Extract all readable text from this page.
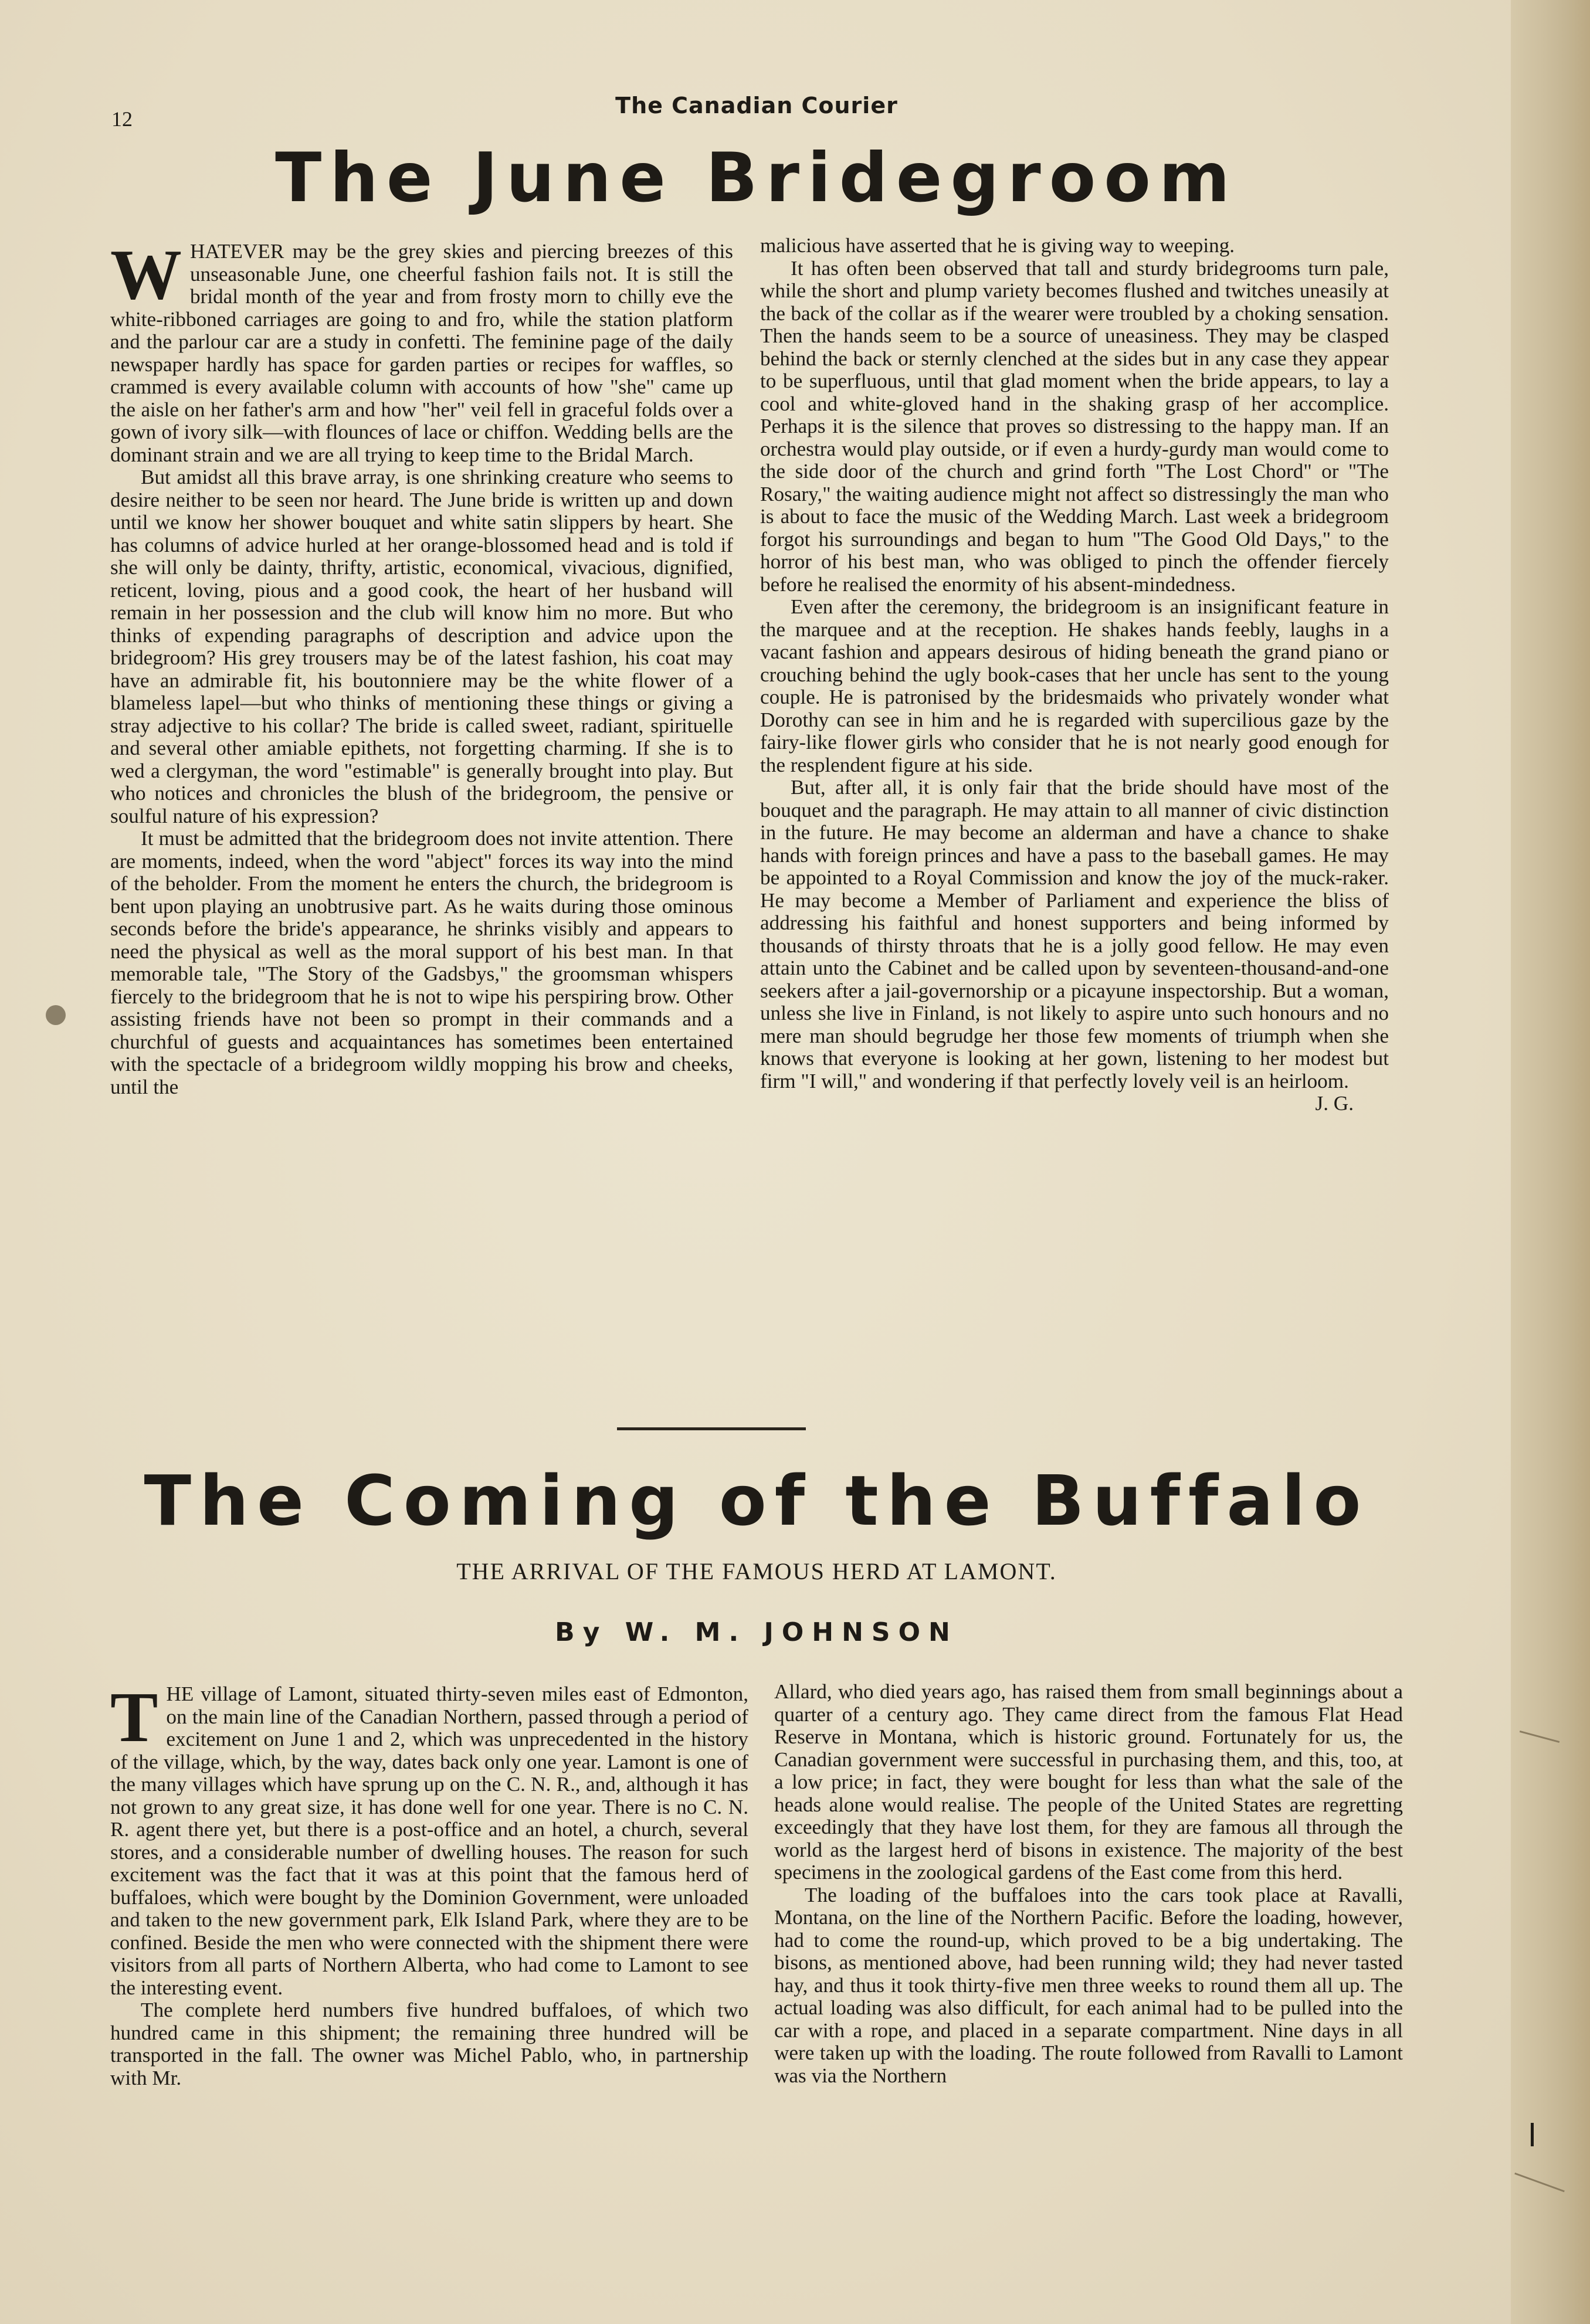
12
The Canadian Courier
The June Bridegroom

WHATEVER may be the grey skies and piercing breezes of this unseasonable June, one cheerful fashion fails not. It is still the bridal month of the year and from frosty morn to chilly eve the white-ribboned carriages are going to and fro, while the station platform and the parlour car are a study in confetti. The feminine page of the daily newspaper hardly has space for garden parties or recipes for waffles, so crammed is every available column with accounts of how "she" came up the aisle on her father's arm and how "her" veil fell in graceful folds over a gown of ivory silk—with flounces of lace or chiffon. Wedding bells are the dominant strain and we are all trying to keep time to the Bridal March.

But amidst all this brave array, is one shrinking creature who seems to desire neither to be seen nor heard. The June bride is written up and down until we know her shower bouquet and white satin slippers by heart. She has columns of advice hurled at her orange-blossomed head and is told if she will only be dainty, thrifty, artistic, economical, vivacious, dignified, reticent, loving, pious and a good cook, the heart of her husband will remain in her possession and the club will know him no more. But who thinks of expending paragraphs of description and advice upon the bridegroom? His grey trousers may be of the latest fashion, his coat may have an admirable fit, his boutonniere may be the white flower of a blameless lapel—but who thinks of mentioning these things or giving a stray adjective to his collar? The bride is called sweet, radiant, spirituelle and several other amiable epithets, not forgetting charming. If she is to wed a clergyman, the word "estimable" is generally brought into play. But who notices and chronicles the blush of the bridegroom, the pensive or soulful nature of his expression?

It must be admitted that the bridegroom does not invite attention. There are moments, indeed, when the word "abject" forces its way into the mind of the beholder. From the moment he enters the church, the bridegroom is bent upon playing an unobtrusive part. As he waits during those ominous seconds before the bride's appearance, he shrinks visibly and appears to need the physical as well as the moral support of his best man. In that memorable tale, "The Story of the Gadsbys," the groomsman whispers fiercely to the bridegroom that he is not to wipe his perspiring brow. Other assisting friends have not been so prompt in their commands and a churchful of guests and acquaintances has sometimes been entertained with the spectacle of a bridegroom wildly mopping his brow and cheeks, until the

malicious have asserted that he is giving way to weeping.

It has often been observed that tall and sturdy bridegrooms turn pale, while the short and plump variety becomes flushed and twitches uneasily at the back of the collar as if the wearer were troubled by a choking sensation. Then the hands seem to be a source of uneasiness. They may be clasped behind the back or sternly clenched at the sides but in any case they appear to be superfluous, until that glad moment when the bride appears, to lay a cool and white-gloved hand in the shaking grasp of her accomplice. Perhaps it is the silence that proves so distressing to the happy man. If an orchestra would play outside, or if even a hurdy-gurdy man would come to the side door of the church and grind forth "The Lost Chord" or "The Rosary," the waiting audience might not affect so distressingly the man who is about to face the music of the Wedding March. Last week a bridegroom forgot his surroundings and began to hum "The Good Old Days," to the horror of his best man, who was obliged to pinch the offender fiercely before he realised the enormity of his absent-mindedness.

Even after the ceremony, the bridegroom is an insignificant feature in the marquee and at the reception. He shakes hands feebly, laughs in a vacant fashion and appears desirous of hiding beneath the grand piano or crouching behind the ugly book-cases that her uncle has sent to the young couple. He is patronised by the bridesmaids who privately wonder what Dorothy can see in him and he is regarded with supercilious gaze by the fairy-like flower girls who consider that he is not nearly good enough for the resplendent figure at his side.

But, after all, it is only fair that the bride should have most of the bouquet and the paragraph. He may attain to all manner of civic distinction in the future. He may become an alderman and have a chance to shake hands with foreign princes and have a pass to the baseball games. He may be appointed to a Royal Commission and know the joy of the muck-raker. He may become a Member of Parliament and experience the bliss of addressing his faithful and honest supporters and being informed by thousands of thirsty throats that he is a jolly good fellow. He may even attain unto the Cabinet and be called upon by seventeen-thousand-and-one seekers after a jail-governorship or a picayune inspectorship. But a woman, unless she live in Finland, is not likely to aspire unto such honours and no mere man should begrudge her those few moments of triumph when she knows that everyone is looking at her gown, listening to her modest but firm "I will," and wondering if that perfectly lovely veil is an heirloom.
J. G.

The Coming of the Buffalo
THE ARRIVAL OF THE FAMOUS HERD AT LAMONT.
By W. M. JOHNSON

THE village of Lamont, situated thirty-seven miles east of Edmonton, on the main line of the Canadian Northern, passed through a period of excitement on June 1 and 2, which was unprecedented in the history of the village, which, by the way, dates back only one year. Lamont is one of the many villages which have sprung up on the C. N. R., and, although it has not grown to any great size, it has done well for one year. There is no C. N. R. agent there yet, but there is a post-office and an hotel, a church, several stores, and a considerable number of dwelling houses. The reason for such excitement was the fact that it was at this point that the famous herd of buffaloes, which were bought by the Dominion Government, were unloaded and taken to the new government park, Elk Island Park, where they are to be confined. Beside the men who were connected with the shipment there were visitors from all parts of Northern Alberta, who had come to Lamont to see the interesting event.

The complete herd numbers five hundred buffaloes, of which two hundred came in this shipment; the remaining three hundred will be transported in the fall. The owner was Michel Pablo, who, in partnership with Mr.

Allard, who died years ago, has raised them from small beginnings about a quarter of a century ago. They came direct from the famous Flat Head Reserve in Montana, which is historic ground. Fortunately for us, the Canadian government were successful in purchasing them, and this, too, at a low price; in fact, they were bought for less than what the sale of the heads alone would realise. The people of the United States are regretting exceedingly that they have lost them, for they are famous all through the world as the largest herd of bisons in existence. The majority of the best specimens in the zoological gardens of the East come from this herd.

The loading of the buffaloes into the cars took place at Ravalli, Montana, on the line of the Northern Pacific. Before the loading, however, had to come the round-up, which proved to be a big undertaking. The bisons, as mentioned above, had been running wild; they had never tasted hay, and thus it took thirty-five men three weeks to round them all up. The actual loading was also difficult, for each animal had to be pulled into the car with a rope, and placed in a separate compartment. Nine days in all were taken up with the loading. The route followed from Ravalli to Lamont was via the Northern
